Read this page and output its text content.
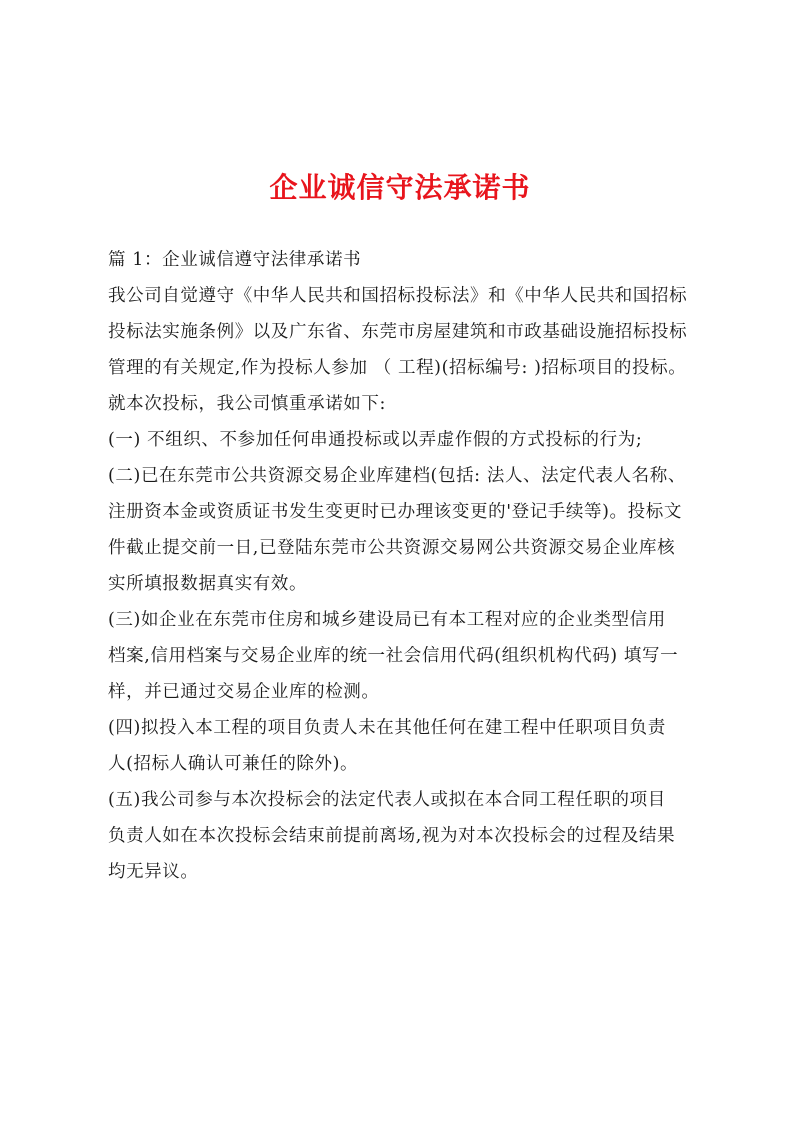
企业诚信守法承诺书
篇 1：企业诚信遵守法律承诺书
我公司自觉遵守《中华人民共和国招标投标法》和《中华人民共和国招标
投标法实施条例》以及广东省、东莞市房屋建筑和市政基础设施招标投标
管理的有关规定,作为投标人参加 （ 工程)(招标编号: )招标项目的投标。
就本次投标，我公司慎重承诺如下:
(一) 不组织、不参加任何串通投标或以弄虚作假的方式投标的行为;
(二)已在东莞市公共资源交易企业库建档(包括: 法人、法定代表人名称、
注册资本金或资质证书发生变更时已办理该变更的'登记手续等)。投标文
件截止提交前一日,已登陆东莞市公共资源交易网公共资源交易企业库核
实所填报数据真实有效。
(三)如企业在东莞市住房和城乡建设局已有本工程对应的企业类型信用
档案,信用档案与交易企业库的统一社会信用代码(组织机构代码) 填写一
样，并已通过交易企业库的检测。
(四)拟投入本工程的项目负责人未在其他任何在建工程中任职项目负责
人(招标人确认可兼任的除外)。
(五)我公司参与本次投标会的法定代表人或拟在本合同工程任职的项目
负责人如在本次投标会结束前提前离场,视为对本次投标会的过程及结果
均无异议。
